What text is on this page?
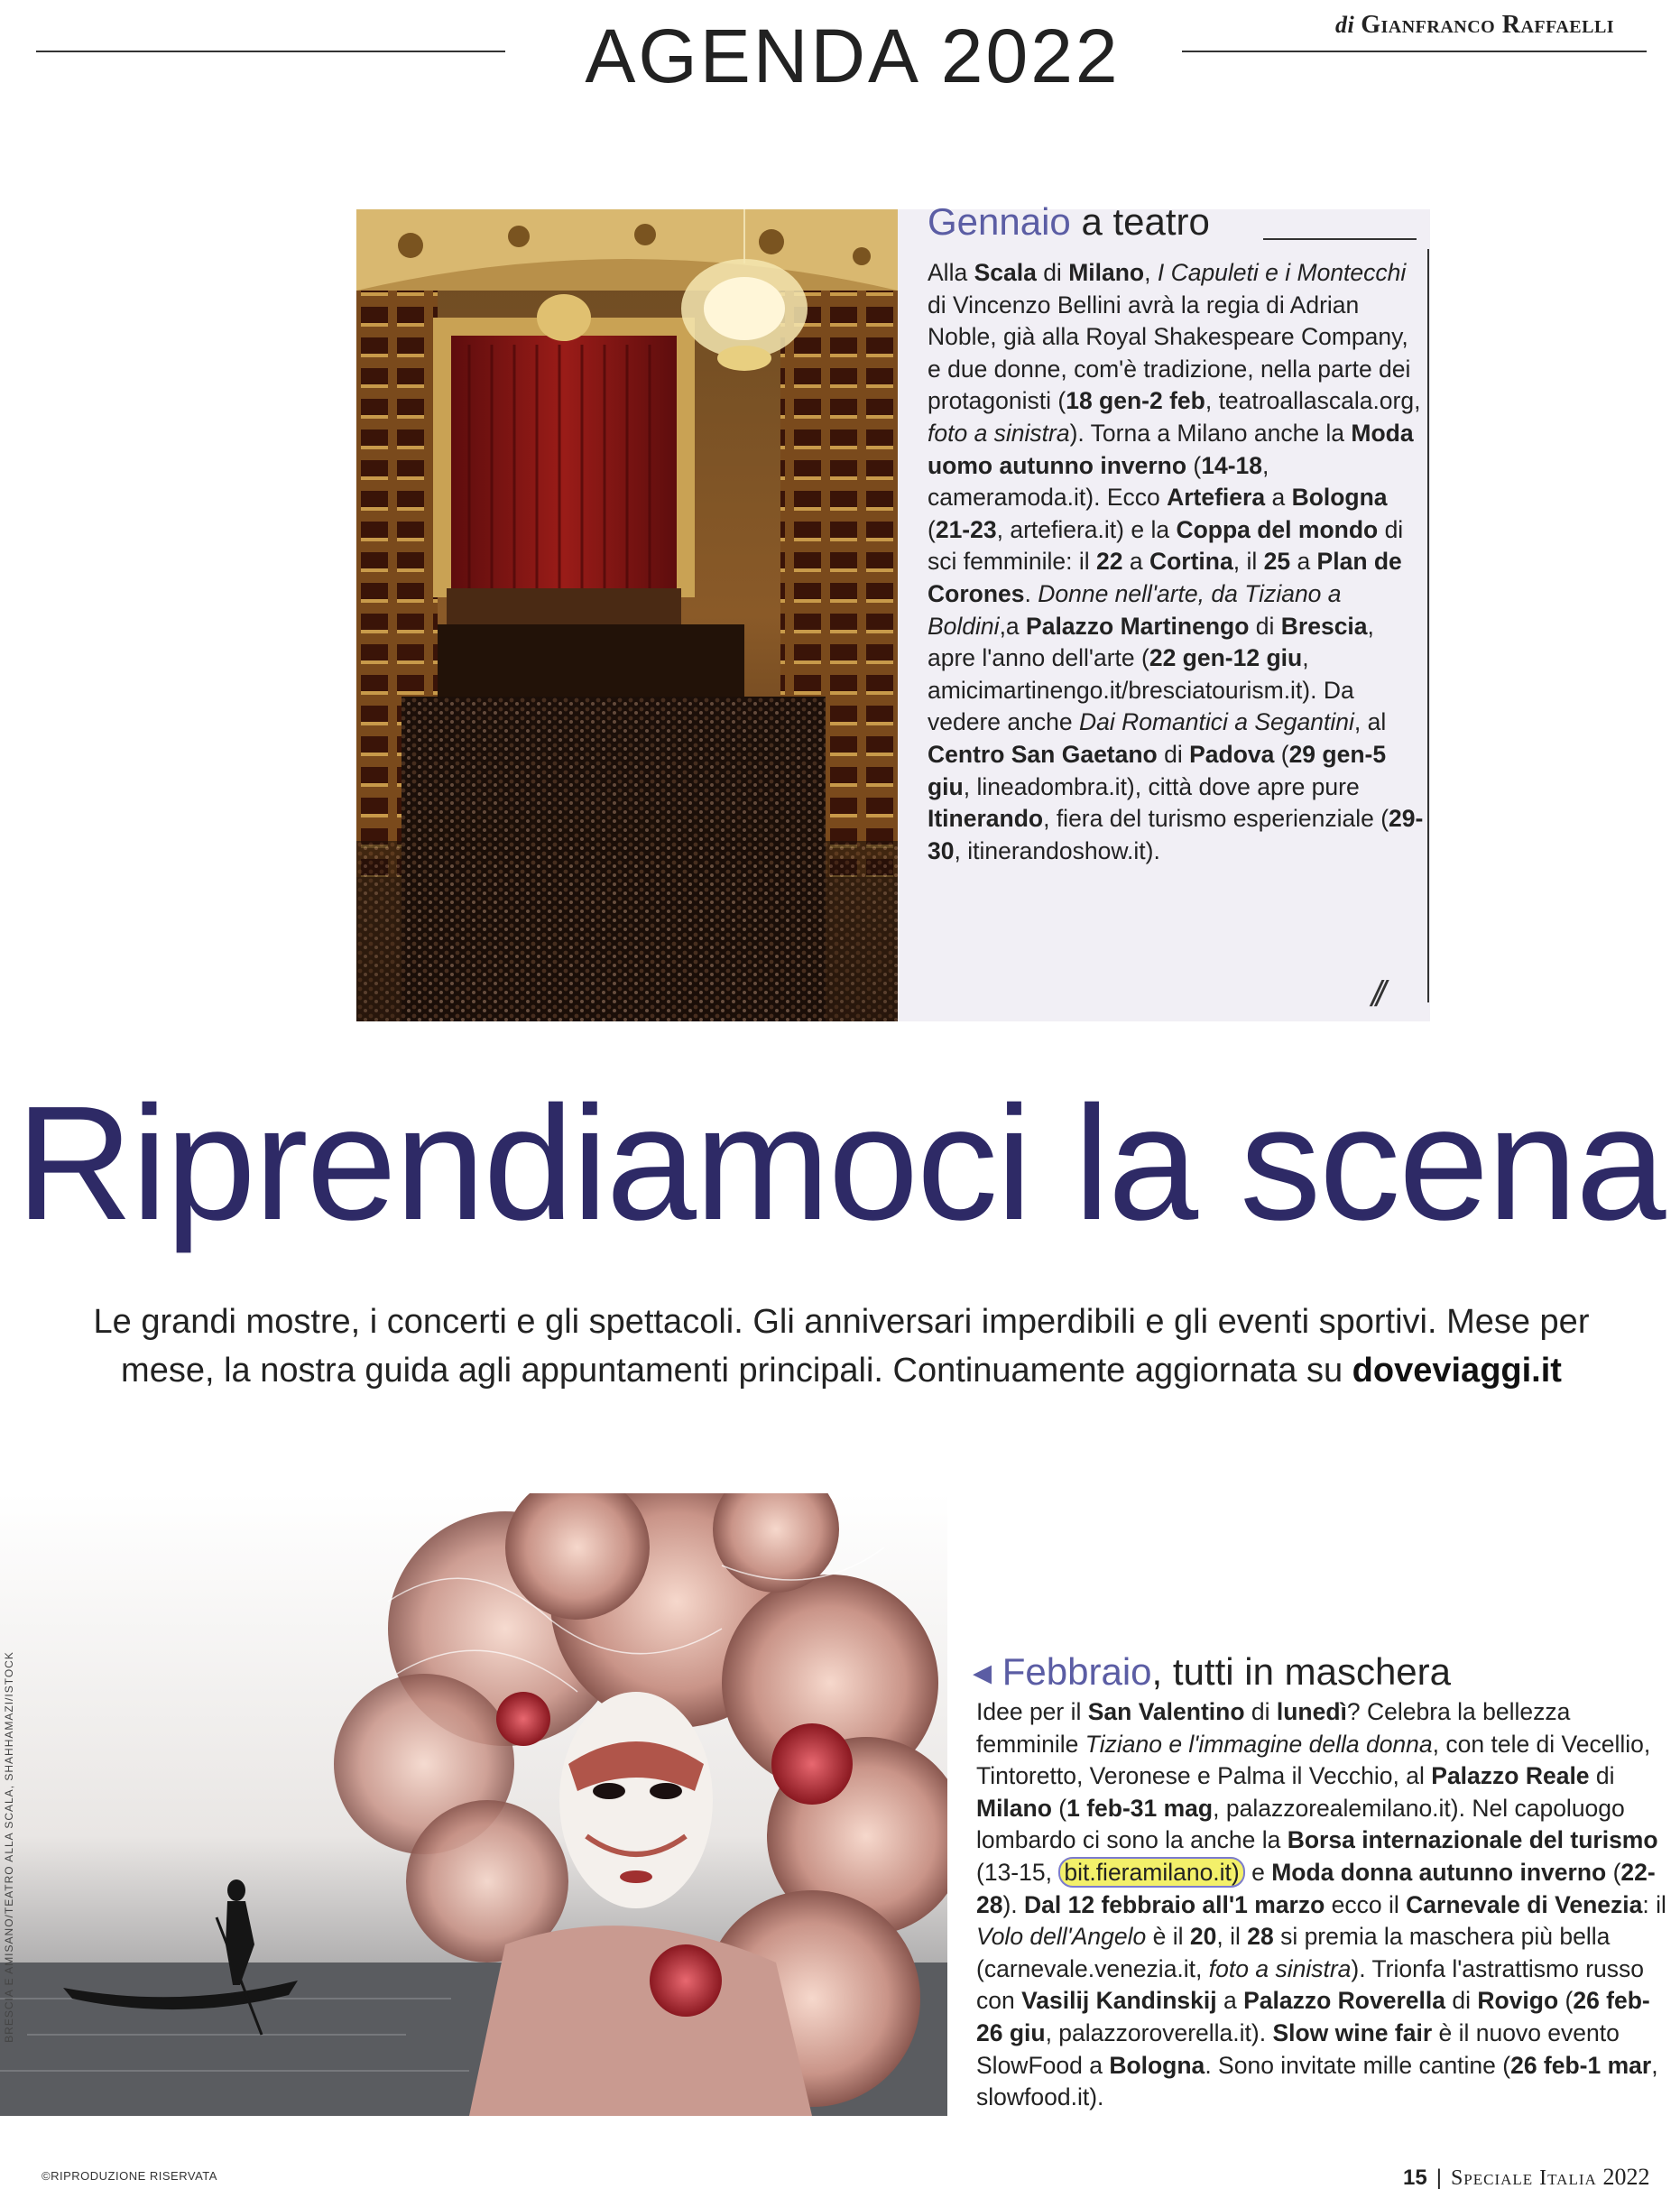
AGENDA 2022	di Gianfranco Raffaelli
Gennaio a teatro
Alla Scala di Milano, I Capuleti e i Montecchi di Vincenzo Bellini avrà la regia di Adrian Noble, già alla Royal Shakespeare Company, e due donne, com'è tradizione, nella parte dei protagonisti (18 gen-2 feb, teatroallascala.org, foto a sinistra). Torna a Milano anche la Moda uomo autunno inverno (14-18, cameramoda.it). Ecco Artefiera a Bologna (21-23, artefiera.it) e la Coppa del mondo di sci femminile: il 22 a Cortina, il 25 a Plan de Corones. Donne nell'arte, da Tiziano a Boldini,a Palazzo Martinengo di Brescia, apre l'anno dell'arte (22 gen-12 giu, amicimartinengo.it/bresciatourism.it). Da vedere anche Dai Romantici a Segantini, al Centro San Gaetano di Padova (29 gen-5 giu, lineadombra.it), città dove apre pure Itinerando, fiera del turismo esperienziale (29-30, itinerandoshow.it).
//
Riprendiamoci la scena
Le grandi mostre, i concerti e gli spettacoli. Gli anniversari imperdibili e gli eventi sportivi. Mese per mese, la nostra guida agli appuntamenti principali. Continuamente aggiornata su doveviaggi.it
◂ Febbraio, tutti in maschera
Idee per il San Valentino di lunedì? Celebra la bellezza femminile Tiziano e l'immagine della donna, con tele di Vecellio, Tintoretto, Veronese e Palma il Vecchio, al Palazzo Reale di Milano (1 feb-31 mag, palazzorealemilano.it). Nel capoluogo lombardo ci sono la anche la Borsa internazionale del turismo (13-15, bit.fieramilano.it) e Moda donna autunno inverno (22-28). Dal 12 febbraio all'1 marzo ecco il Carnevale di Venezia: il Volo dell'Angelo è il 20, il 28 si premia la maschera più bella (carnevale.venezia.it, foto a sinistra). Trionfa l'astrattismo russo con Vasilij Kandinskij a Palazzo Roverella di Rovigo (26 feb-26 giu, palazzoroverella.it). Slow wine fair è il nuovo evento SlowFood a Bologna. Sono invitate mille cantine (26 feb-1 mar, slowfood.it).
BRESCIA E AMISANO/TEATRO ALLA SCALA, SHAHHAMAZI/ISTOCK
©RIPRODUZIONE RISERVATA	15 | Speciale Italia 2022
